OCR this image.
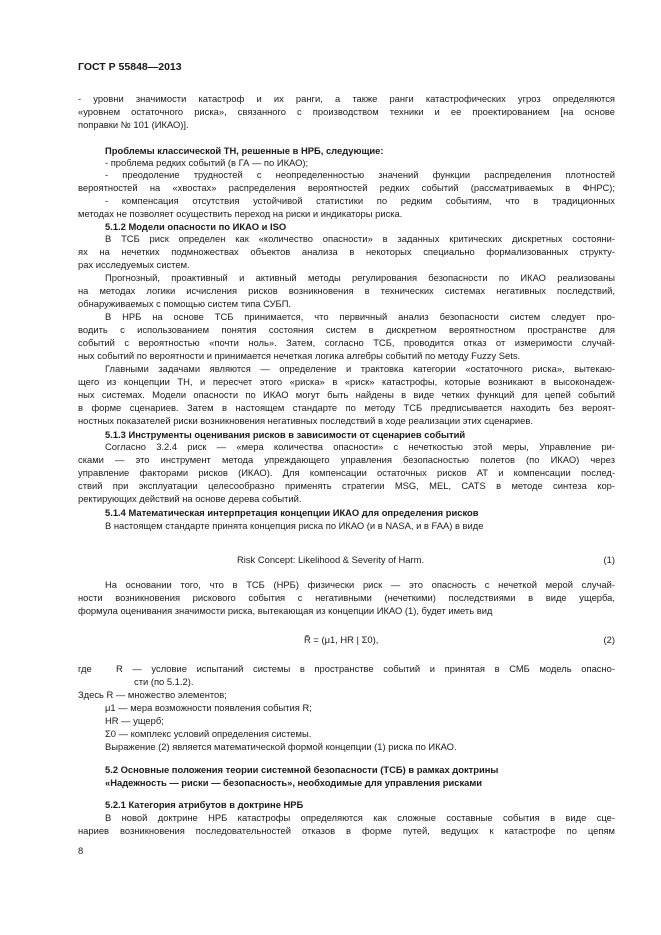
ГОСТ Р 55848—2013
- уровни значимости катастроф и их ранги, а также ранги катастрофических угроз определяются
«уровнем остаточного риска», связанного с производством техники и ее проектированием [на основе
поправки № 101 (ИКАО)].
Проблемы классической ТН, решенные в НРБ, следующие:
- проблема редких событий (в ГА — по ИКАО);
- преодоление трудностей с неопределенностью значений функции распределения плотностей
вероятностей на «хвостах» распределения вероятностей редких событий (рассматриваемых в ФНРС);
- компенсация отсутствия устойчивой статистики по редким событиям, что в традиционных
методах не позволяет осуществить переход на риски и индикаторы риска.
5.1.2 Модели опасности по ИКАО и ISO
В ТСБ риск определен как «количество опасности» в заданных критических дискретных состояни-
ях на нечетких подмножествах объектов анализа в некоторых специально формализованных структу-
рах исследуемых систем.
Прогнозный, проактивный и активный методы регулирования безопасности по ИКАО реализованы
на методах логики исчисления рисков возникновения в технических системах негативных последствий,
обнаруживаемых с помощью систем типа СУБП.
В НРБ на основе ТСБ принимается, что первичный анализ безопасности систем следует про-
водить с использованием понятия состояния систем в дискретном вероятностном пространстве для
событий с вероятностью «почти ноль». Затем, согласно ТСБ, проводится отказ от измеримости случай-
ных событий по вероятности и принимается нечеткая логика алгебры событий по методу Fuzzy Sets.
Главными задачами являются — определение и трактовка категории «остаточного риска», вытекаю-
щего из концепции ТН, и пересчет этого «риска» в «риск» катастрофы, которые возникают в высоконадеж-
ных системах. Модели опасности по ИКАО могут быть найдены в виде четких функций для цепей событий
в форме сценариев. Затем в настоящем стандарте по методу ТСБ предписывается находить без вероят-
ностных показателей риски возникновения негативных последствий в ходе реализации этих сценариев.
5.1.3 Инструменты оценивания рисков в зависимости от сценариев событий
Согласно 3.2.4 риск — «мера количества опасности» с нечеткостью этой меры, Управление ри-
сками — это инструмент метода упреждающего управления безопасностью полетов (по ИКАО) через
управление факторами рисков (ИКАО). Для компенсации остаточных рисков АТ и компенсации послед-
ствий при эксплуатации целесообразно применять стратегии MSG, MEL, CATS в методе синтеза кор-
ректирующих действий на основе дерева событий.
5.1.4 Математическая интерпретация концепции ИКАО для определения рисков
В настоящем стандарте принята концепция риска по ИКАО (и в NASA, и в FAA) в виде
Risk Concept: Likelihood & Severity of Harm.	(1)
На основании того, что в ТСБ (НРБ) физически риск — это опасность с нечеткой мерой случай-
ности возникновения рискового события с негативными (нечеткими) последствиями в виде ущерба,
формула оценивания значимости риска, вытекающая из концепции ИКАО (1), будет иметь вид
R̃ = (μ1, HR | Σ0),	(2)
где	R — условие испытаний системы в пространстве событий и принятая в СМБ модель опасно-
сти (по 5.1.2).
Здесь R — множество элементов;
μ1 — мера возможности появления события R;
HR — ущерб;
Σ0 — комплекс условий определения системы.
Выражение (2) является математической формой концепции (1) риска по ИКАО.
5.2 Основные положения теории системной безопасности (ТСБ) в рамках доктрины
«Надежность — риски — безопасность», необходимые для управления рисками
5.2.1 Категория атрибутов в доктрине НРБ
В новой доктрине НРБ катастрофы определяются как сложные составные события в виде сце-
нариев возникновения последовательностей отказов в форме путей, ведущих к катастрофе по цепям
8
